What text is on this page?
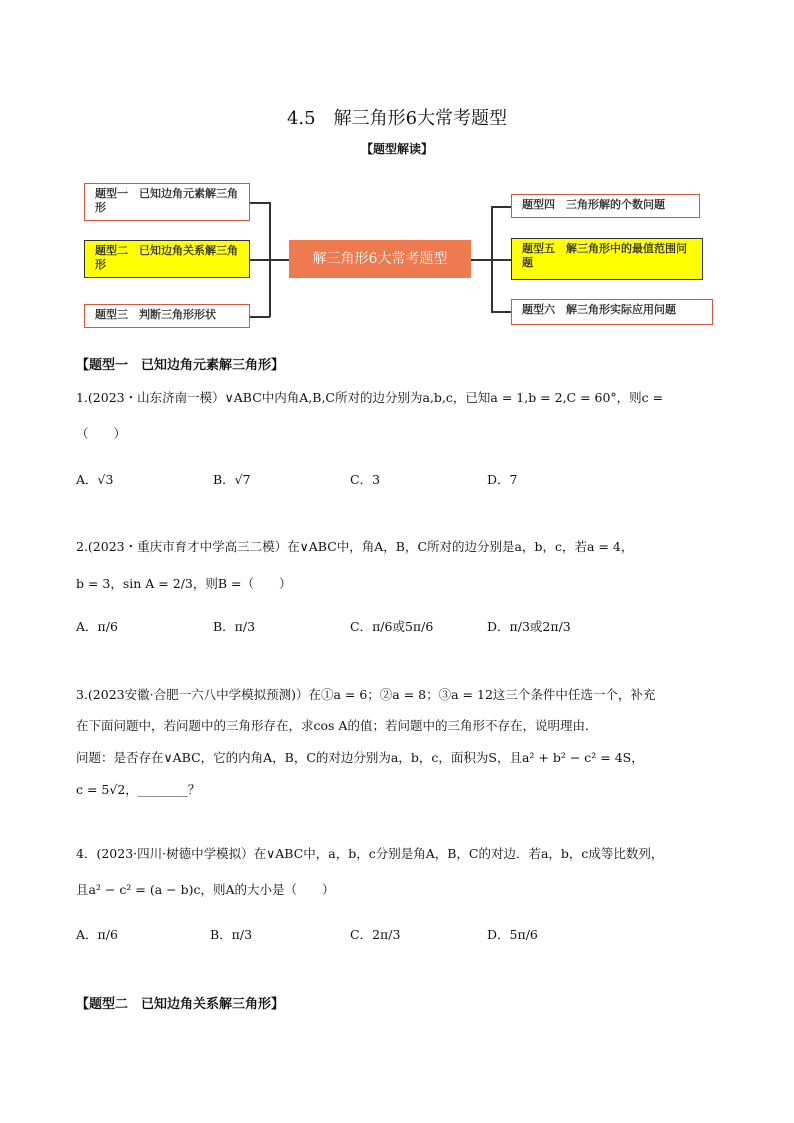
4.5　解三角形6大常考题型
【题型解读】
题型一　已知边角元素解三角形
题型二　已知边角关系解三角形
题型三　判断三角形形状
解三角形6大常考题型
题型四　三角形解的个数问题
题型五　解三角形中的最值范围问题
题型六　解三角形实际应用问题
【题型一　已知边角元素解三角形】
1.(2023・山东济南一模）∨ABC中内角A,B,C所对的边分别为a,b,c，已知a = 1,b = 2,C = 60°，则c =
（　　）
A．√3	B．√7	C．3	D．7
2.(2023・重庆市育才中学高三二模）在∨ABC中，角A，B，C所对的边分别是a，b，c，若a = 4，
b = 3，sin A = 2/3，则B =（　　）
A．π/6	B．π/3	C．π/6或5π/6	D．π/3或2π/3
3.(2023安徽·合肥一六八中学模拟预测)）在①a = 6；②a = 8；③a = 12这三个条件中任选一个，补充
在下面问题中，若问题中的三角形存在，求cos A的值；若问题中的三角形不存在，说明理由．
问题：是否存在∨ABC，它的内角A，B，C的对边分别为a，b，c，面积为S，且a² + b² − c² = 4S，
c = 5√2，________？
4．(2023·四川·树德中学模拟）在∨ABC中，a，b，c分别是角A，B，C的对边．若a，b，c成等比数列，
且a² − c² = (a − b)c，则A的大小是（　　）
A．π/6	B．π/3	C．2π/3	D．5π/6
【题型二　已知边角关系解三角形】
